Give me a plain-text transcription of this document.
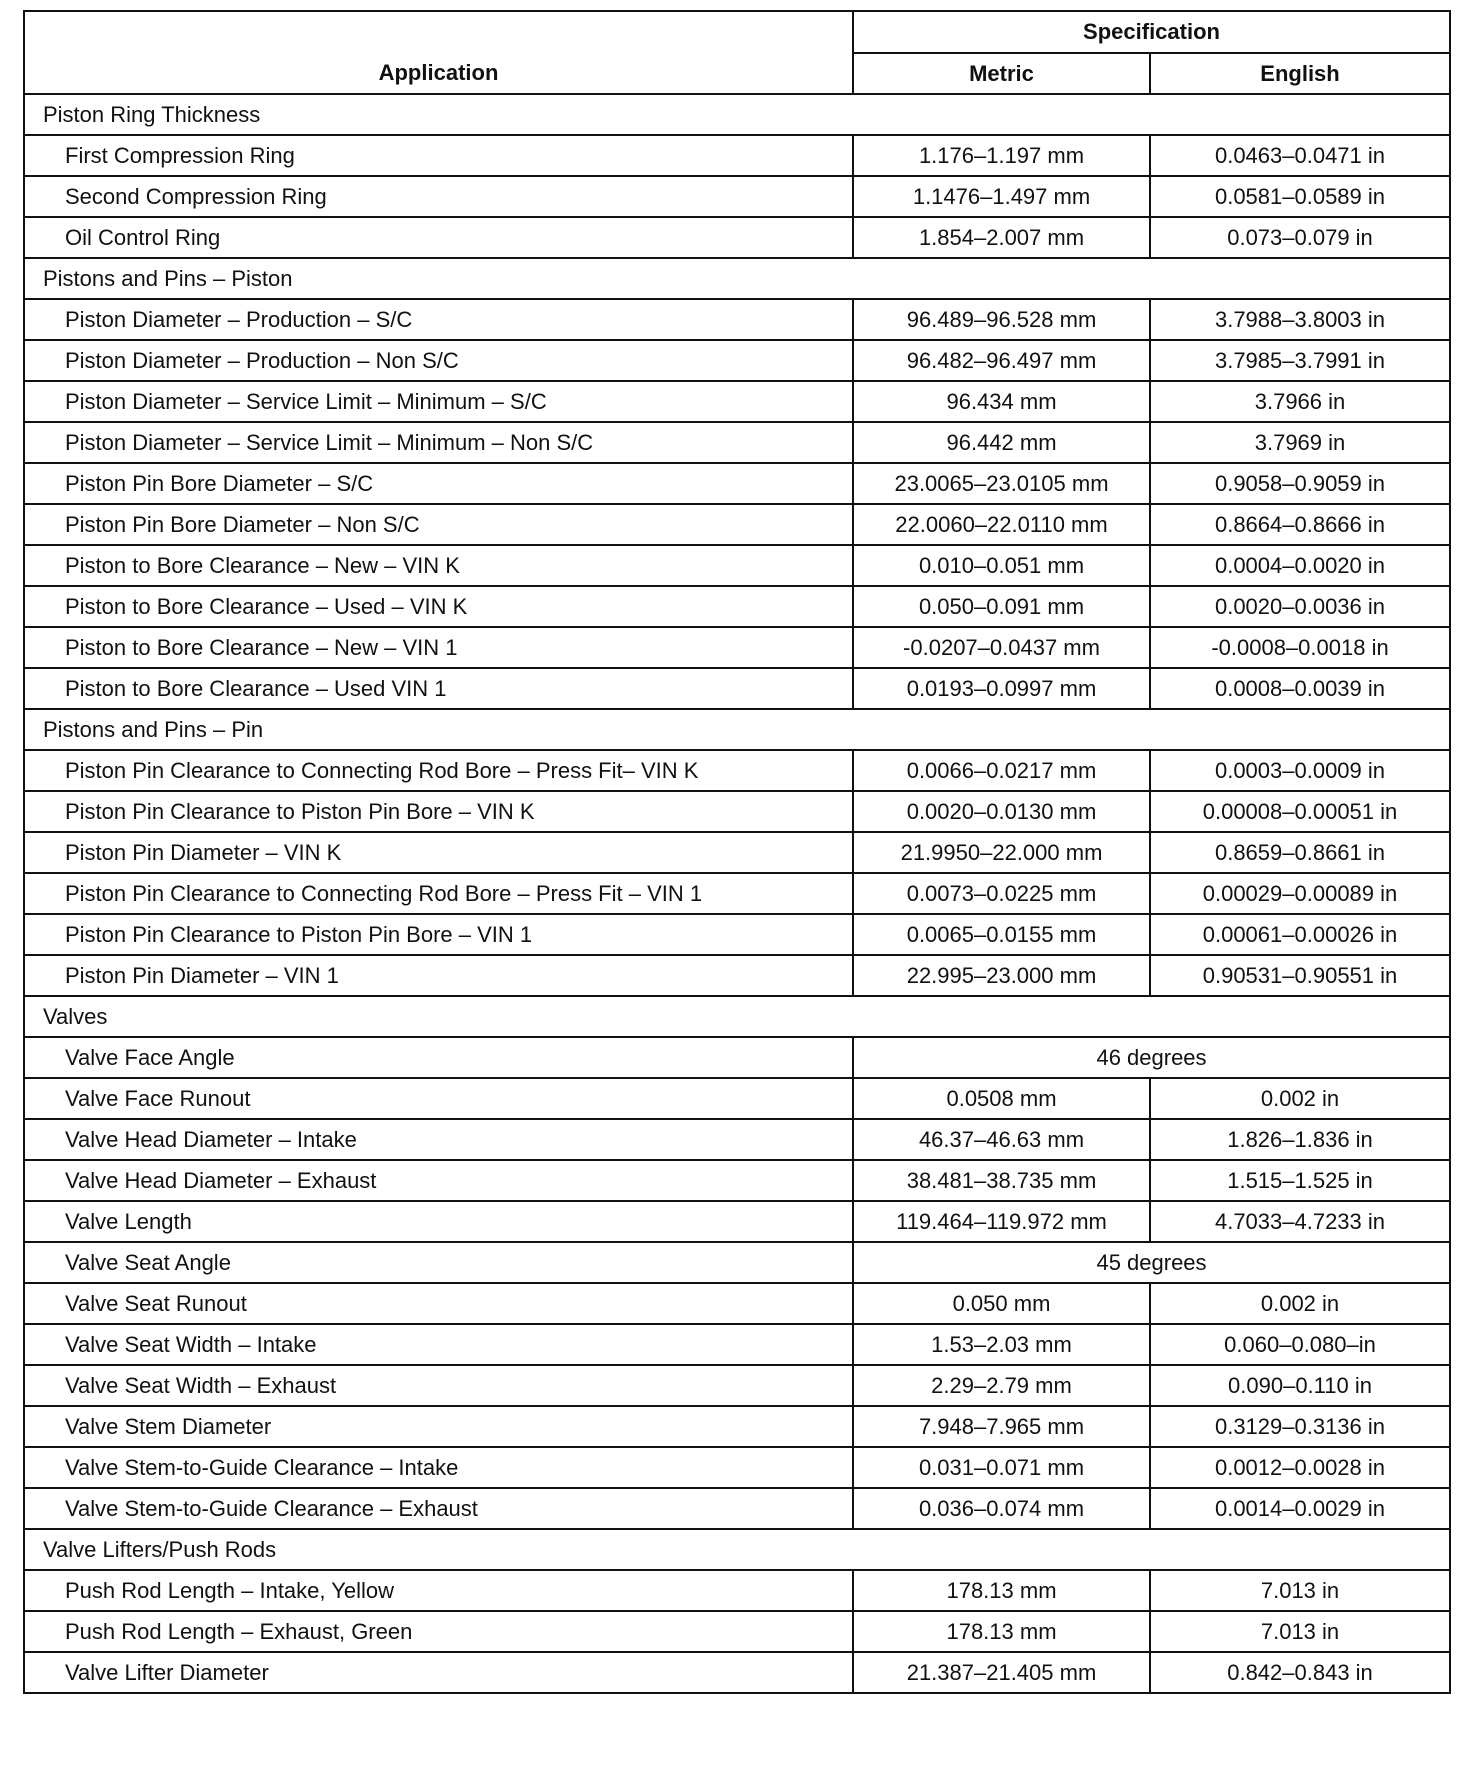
Application	Specification	
	Metric	English
Piston Ring Thickness		
First Compression Ring	1.176–1.197 mm	0.0463–0.0471 in
Second Compression Ring	1.1476–1.497 mm	0.0581–0.0589 in
Oil Control Ring	1.854–2.007 mm	0.073–0.079 in
Pistons and Pins – Piston		
Piston Diameter – Production – S/C	96.489–96.528 mm	3.7988–3.8003 in
Piston Diameter – Production – Non S/C	96.482–96.497 mm	3.7985–3.7991 in
Piston Diameter – Service Limit – Minimum – S/C	96.434 mm	3.7966 in
Piston Diameter – Service Limit – Minimum – Non S/C	96.442 mm	3.7969 in
Piston Pin Bore Diameter – S/C	23.0065–23.0105 mm	0.9058–0.9059 in
Piston Pin Bore Diameter – Non S/C	22.0060–22.0110 mm	0.8664–0.8666 in
Piston to Bore Clearance – New – VIN K	0.010–0.051 mm	0.0004–0.0020 in
Piston to Bore Clearance – Used – VIN K	0.050–0.091 mm	0.0020–0.0036 in
Piston to Bore Clearance – New – VIN 1	-0.0207–0.0437 mm	-0.0008–0.0018 in
Piston to Bore Clearance – Used VIN 1	0.0193–0.0997 mm	0.0008–0.0039 in
Pistons and Pins – Pin		
Piston Pin Clearance to Connecting Rod Bore – Press Fit– VIN K	0.0066–0.0217 mm	0.0003–0.0009 in
Piston Pin Clearance to Piston Pin Bore – VIN K	0.0020–0.0130 mm	0.00008–0.00051 in
Piston Pin Diameter – VIN K	21.9950–22.000 mm	0.8659–0.8661 in
Piston Pin Clearance to Connecting Rod Bore – Press Fit – VIN 1	0.0073–0.0225 mm	0.00029–0.00089 in
Piston Pin Clearance to Piston Pin Bore – VIN 1	0.0065–0.0155 mm	0.00061–0.00026 in
Piston Pin Diameter – VIN 1	22.995–23.000 mm	0.90531–0.90551 in
Valves		
Valve Face Angle	46 degrees	
Valve Face Runout	0.0508 mm	0.002 in
Valve Head Diameter – Intake	46.37–46.63 mm	1.826–1.836 in
Valve Head Diameter – Exhaust	38.481–38.735 mm	1.515–1.525 in
Valve Length	119.464–119.972 mm	4.7033–4.7233 in
Valve Seat Angle	45 degrees	
Valve Seat Runout	0.050 mm	0.002 in
Valve Seat Width – Intake	1.53–2.03 mm	0.060–0.080–in
Valve Seat Width – Exhaust	2.29–2.79 mm	0.090–0.110 in
Valve Stem Diameter	7.948–7.965 mm	0.3129–0.3136 in
Valve Stem-to-Guide Clearance – Intake	0.031–0.071 mm	0.0012–0.0028 in
Valve Stem-to-Guide Clearance – Exhaust	0.036–0.074 mm	0.0014–0.0029 in
Valve Lifters/Push Rods		
Push Rod Length – Intake, Yellow	178.13 mm	7.013 in
Push Rod Length – Exhaust, Green	178.13 mm	7.013 in
Valve Lifter Diameter	21.387–21.405 mm	0.842–0.843 in
